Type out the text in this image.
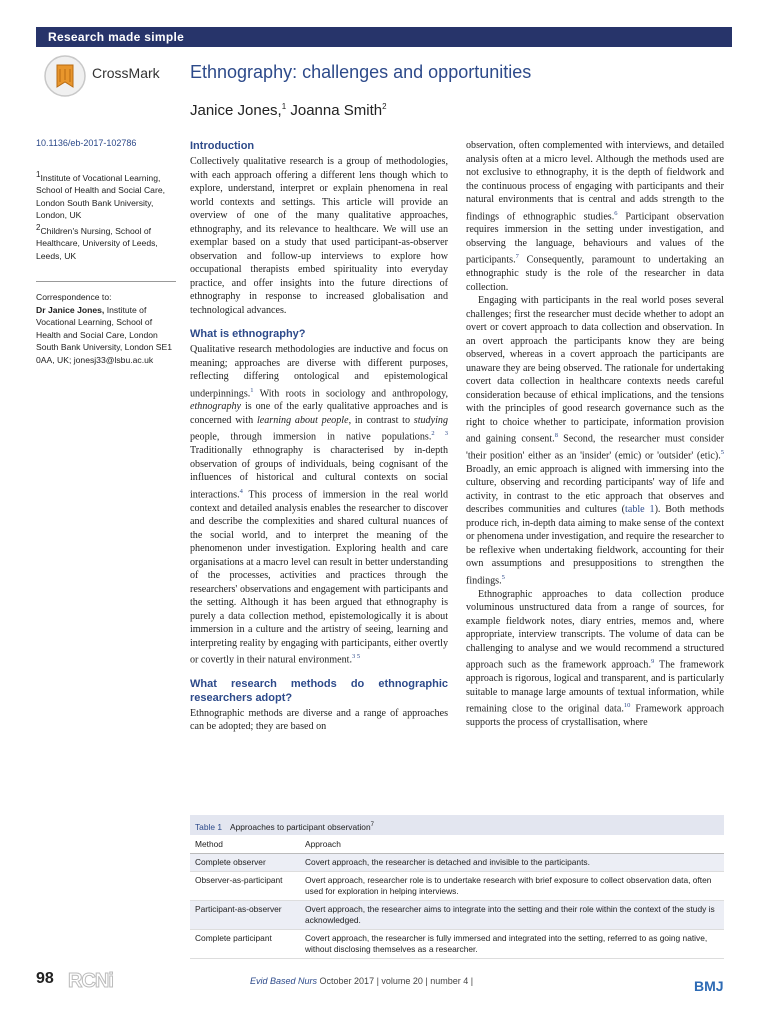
Research made simple
CrossMark Ethnography: challenges and opportunities
Janice Jones,$^1$ Joanna Smith$^2$
10.1136/eb-2017-102786
$^1$Institute of Vocational Learning, School of Health and Social Care, London South Bank University, London, UK
$^2$Children's Nursing, School of Healthcare, University of Leeds, Leeds, UK
Correspondence to:
Dr Janice Jones, Institute of Vocational Learning, School of Health and Social Care, London South Bank University, London SE1 0AA, UK; jonesj33@lsbu.ac.uk
Introduction

Collectively qualitative research is a group of methodologies, with each approach offering a different lens though which to explore, understand, interpret or explain phenomena in real world contexts and settings. This article will provide an overview of one of the many qualitative approaches, ethnography, and its relevance to healthcare. We will use an exemplar based on a study that used participant-as-observer observation and follow-up interviews to explore how occupational therapists embed spirituality into everyday practice, and offer insights into the future directions of ethnography in response to increased globalisation and technological advances.

What is ethnography?

Qualitative research methodologies are inductive and focus on meaning; approaches are diverse with different purposes, reflecting differing ontological and epistemological underpinnings.$^1$ With roots in sociology and anthropology, ethnography is one of the early qualitative approaches and is concerned with learning about people, in contrast to studying people, through immersion in native populations.$^{2 3}$ Traditionally ethnography is characterised by in-depth observation of groups of individuals, being cognisant of the influences of historical and cultural contexts on social interactions.$^4$ This process of immersion in the real world context and detailed analysis enables the researcher to discover and describe the complexities and shared cultural nuances of the social world, and to interpret the meaning of the phenomenon under investigation. Exploring health and care organisations at a macro level can result in better understanding of the processes, activities and practices through the researchers' observations and engagement with participants and the setting. Although it has been argued that ethnography is purely a data collection method, epistemologically it is about immersion in a culture and the artistry of seeing, learning and interpreting reality by engaging with participants, either overtly or covertly in their natural environment.$^{3 5}$

What research methods do ethnographic researchers adopt?

Ethnographic methods are diverse and a range of approaches can be adopted; they are based on

observation, often complemented with interviews, and detailed analysis often at a micro level. Although the methods used are not exclusive to ethnography, it is the depth of fieldwork and the continuous process of engaging with participants and their natural environments that is central and adds strength to the findings of ethnographic studies.$^6$ Participant observation requires immersion in the setting under investigation, and observing the language, behaviours and values of the participants.$^7$ Consequently, paramount to undertaking an ethnographic study is the role of the researcher in data collection.

Engaging with participants in the real world poses several challenges; first the researcher must decide whether to adopt an overt or covert approach to data collection and observation. In an overt approach the participants know they are being observed, whereas in a covert approach the participants are unaware they are being observed. The rationale for undertaking covert data collection in healthcare contexts needs careful consideration because of ethical implications, and the tensions with the principles of good research governance such as the right to choice whether to participate, information provision and gaining consent.$^8$ Second, the researcher must consider 'their position' either as an 'insider' (emic) or 'outsider' (etic).$^5$ Broadly, an emic approach is aligned with immersing into the culture, observing and recording participants' way of life and activity, in contrast to the etic approach that observes and describes communities and cultures (table 1). Both methods produce rich, in-depth data aiming to make sense of the context or phenomena under investigation, and require the researcher to be reflexive when undertaking fieldwork, accounting for their own assumptions and presuppositions to strengthen the findings.$^5$

Ethnographic approaches to data collection produce voluminous unstructured data from a range of sources, for example fieldwork notes, diary entries, memos and, where appropriate, interview transcripts. The volume of data can be challenging to analyse and we would recommend a structured approach such as the framework approach.$^9$ The framework approach is rigorous, logical and transparent, and is particularly suitable to manage large amounts of textual information, while remaining close to the original data.$^{10}$ Framework approach supports the process of crystallisation, where

Table 1 Approaches to participant observation$^7$
Method	Approach
Complete observer	Covert approach, the researcher is detached and invisible to the participants.
Observer-as-participant	Overt approach, researcher role is to undertake research with brief exposure to collect observation data, often used for exploration in helping interviews.
Participant-as-observer	Overt approach, the researcher aims to integrate into the setting and their role within the context of the study is acknowledged.
Complete participant	Covert approach, the researcher is fully immersed and integrated into the setting, referred to as going native, without disclosing themselves as a researcher.
98 RCNi	Evid Based Nurs October 2017 | volume 20 | number 4 |	BMJ
